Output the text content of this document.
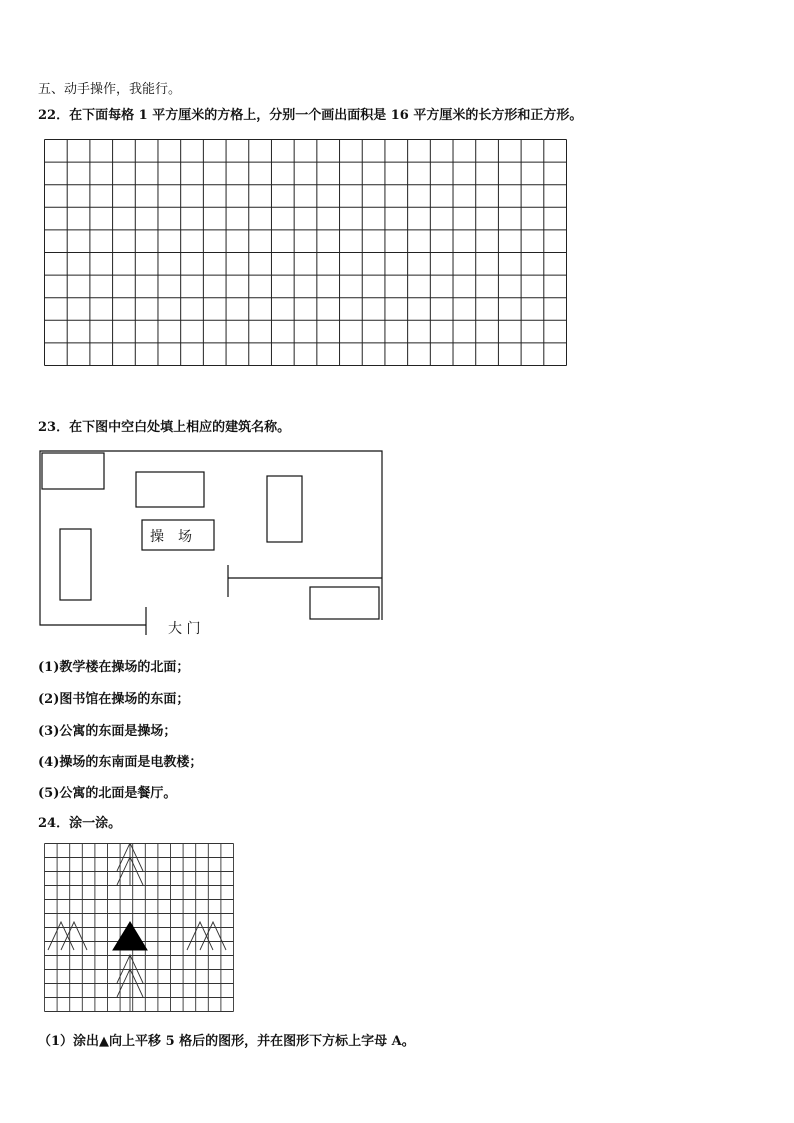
五、动手操作，我能行。
22．在下面每格 1 平方厘米的方格上，分别一个画出面积是 16 平方厘米的长方形和正方形。
23．在下图中空白处填上相应的建筑名称。
操　场
大 门
(1)教学楼在操场的北面；
(2)图书馆在操场的东面；
(3)公寓的东面是操场；
(4)操场的东南面是电教楼；
(5)公寓的北面是餐厅。
24．涂一涂。
（1）涂出▲向上平移 5 格后的图形，并在图形下方标上字母 A。
